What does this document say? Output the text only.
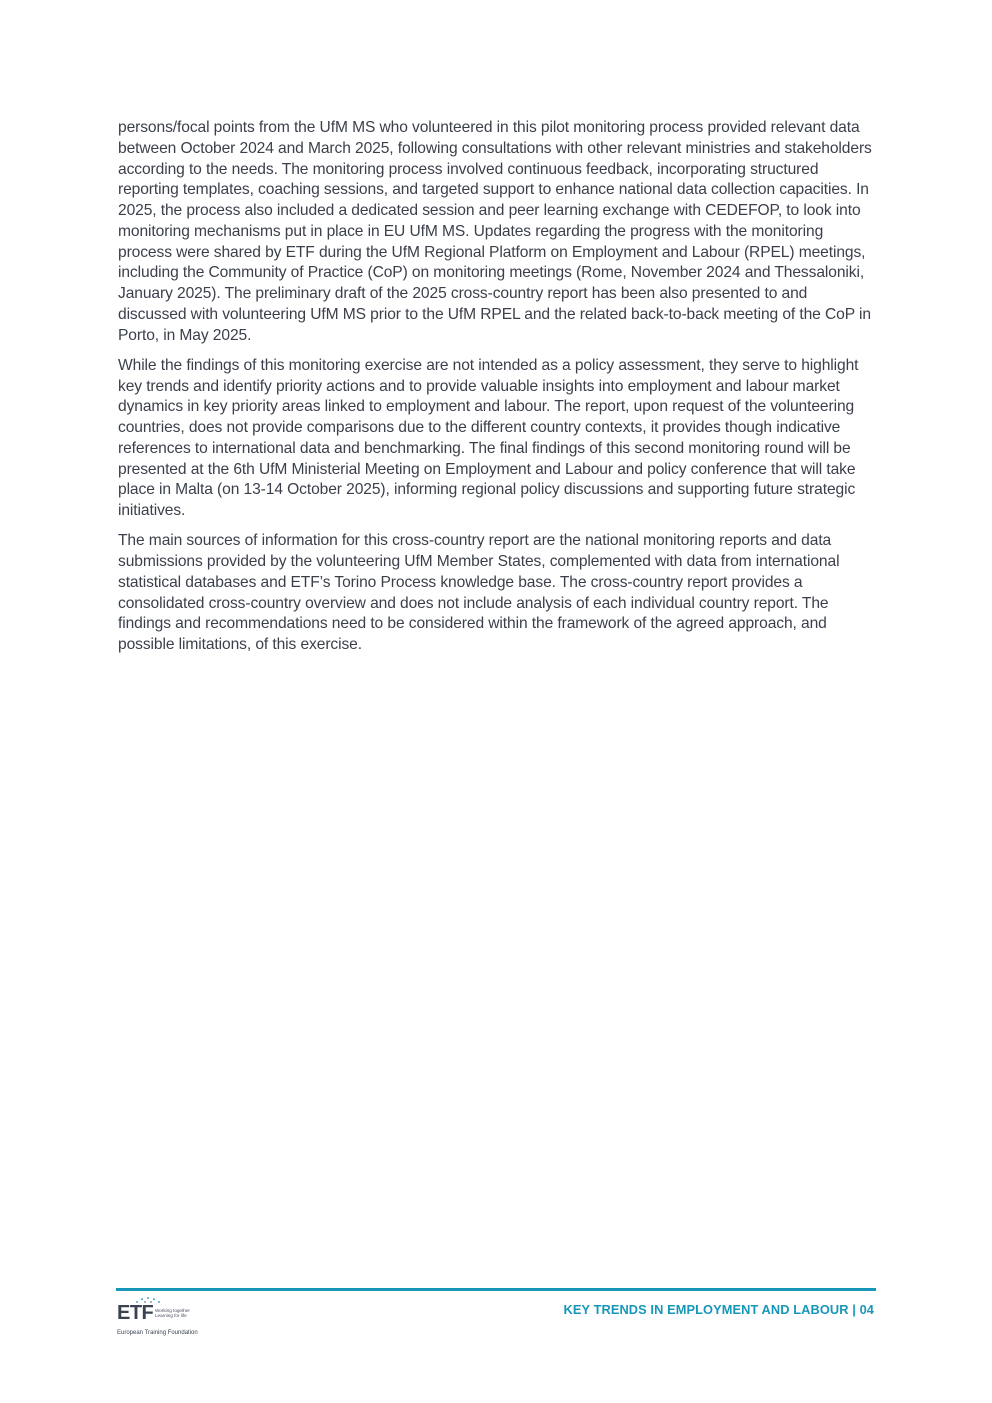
persons/focal points from the UfM MS who volunteered in this pilot monitoring process provided relevant data between October 2024 and March 2025, following consultations with other relevant ministries and stakeholders according to the needs. The monitoring process involved continuous feedback, incorporating structured reporting templates, coaching sessions, and targeted support to enhance national data collection capacities. In 2025, the process also included a dedicated session and peer learning exchange with CEDEFOP, to look into monitoring mechanisms put in place in EU UfM MS. Updates regarding the progress with the monitoring process were shared by ETF during the UfM Regional Platform on Employment and Labour (RPEL) meetings, including the Community of Practice (CoP) on monitoring meetings (Rome, November 2024 and Thessaloniki, January 2025). The preliminary draft of the 2025 cross-country report has been also presented to and discussed with volunteering UfM MS prior to the UfM RPEL and the related back-to-back meeting of the CoP in Porto, in May 2025.

While the findings of this monitoring exercise are not intended as a policy assessment, they serve to highlight key trends and identify priority actions and to provide valuable insights into employment and labour market dynamics in key priority areas linked to employment and labour. The report, upon request of the volunteering countries, does not provide comparisons due to the different country contexts, it provides though indicative references to international data and benchmarking. The final findings of this second monitoring round will be presented at the 6th UfM Ministerial Meeting on Employment and Labour and policy conference that will take place in Malta (on 13-14 October 2025), informing regional policy discussions and supporting future strategic initiatives.

The main sources of information for this cross-country report are the national monitoring reports and data submissions provided by the volunteering UfM Member States, complemented with data from international statistical databases and ETF’s Torino Process knowledge base. The cross-country report provides a consolidated cross-country overview and does not include analysis of each individual country report. The findings and recommendations need to be considered within the framework of the agreed approach, and possible limitations, of this exercise.

ETF Working together
Learning for life
European Training Foundation
KEY TRENDS IN EMPLOYMENT AND LABOUR | 04
